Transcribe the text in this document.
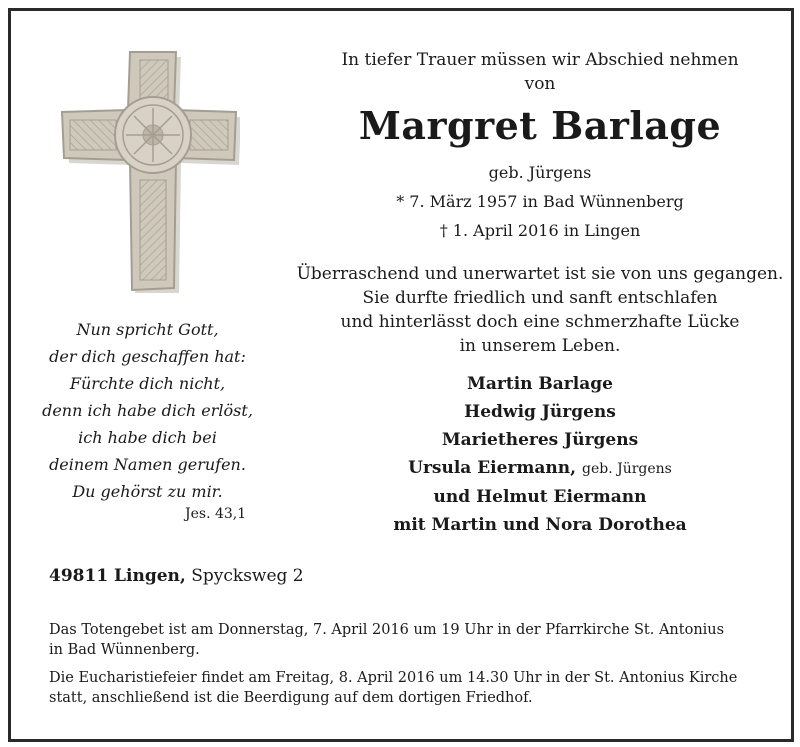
In tiefer Trauer müssen wir Abschied nehmen
von
Margret Barlage
geb. Jürgens
* 7. März 1957 in Bad Wünnenberg
† 1. April 2016 in Lingen
Überraschend und unerwartet ist sie von uns gegangen.
Sie durfte friedlich und sanft entschlafen
und hinterlässt doch eine schmerzhafte Lücke
in unserem Leben.
Martin Barlage
Hedwig Jürgens
Marietheres Jürgens
Ursula Eiermann, geb. Jürgens
und Helmut Eiermann
mit Martin und Nora Dorothea
Nun spricht Gott,
der dich geschaffen hat:
Fürchte dich nicht,
denn ich habe dich erlöst,
ich habe dich bei
deinem Namen gerufen.
Du gehörst zu mir.
Jes. 43,1
49811 Lingen, Spycksweg 2
Das Totengebet ist am Donnerstag, 7. April 2016 um 19 Uhr in der Pfarrkirche St. Antonius
in Bad Wünnenberg.
Die Eucharistiefeier findet am Freitag, 8. April 2016 um 14.30 Uhr in der St. Antonius Kirche
statt, anschließend ist die Beerdigung auf dem dortigen Friedhof.
